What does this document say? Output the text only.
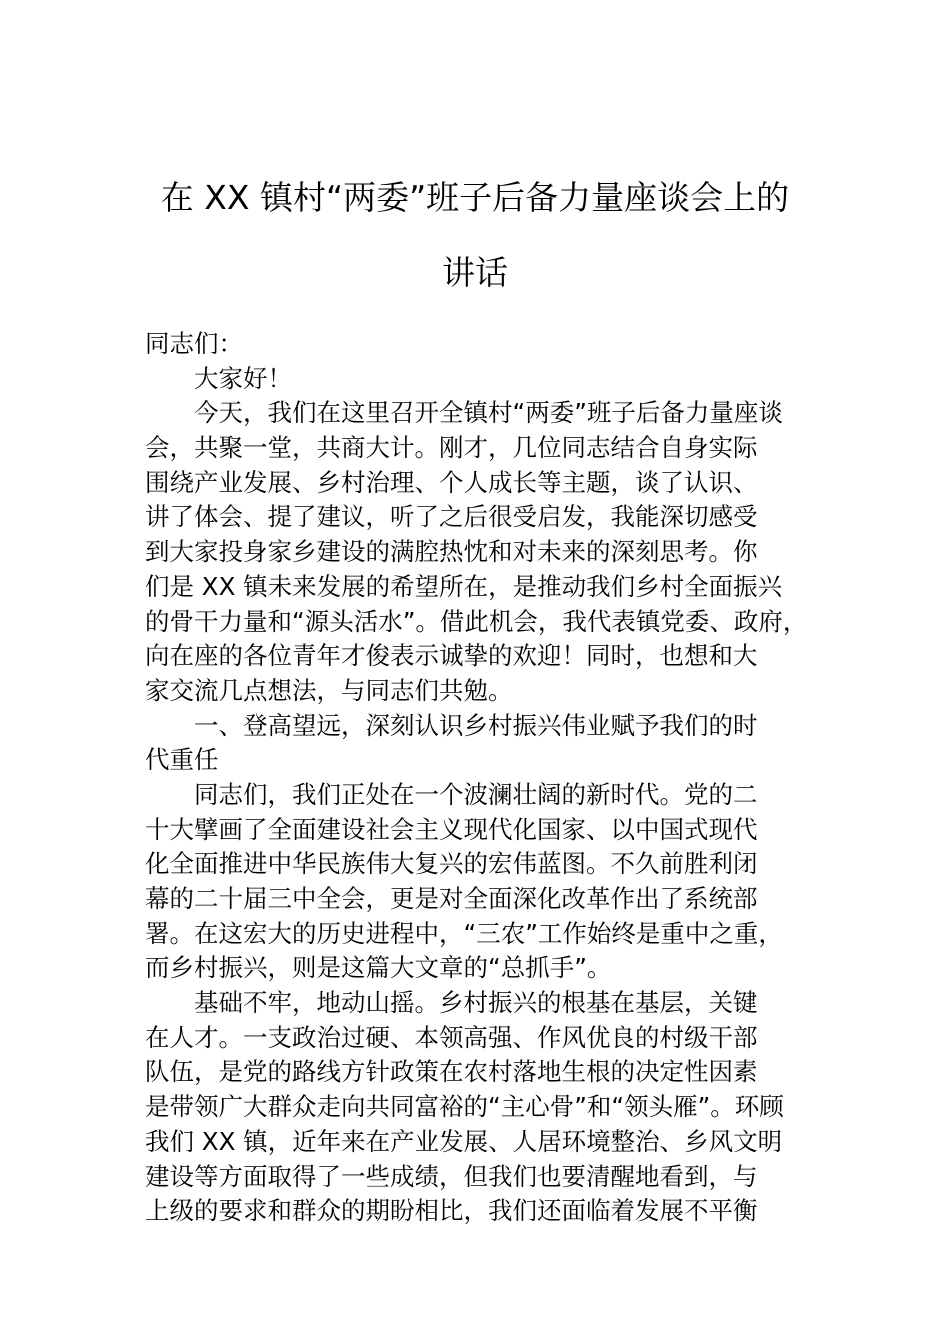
在 XX 镇村“两委”班子后备力量座谈会上的
讲话
同志们：
大家好！
今天，我们在这里召开全镇村“两委”班子后备力量座谈
会，共聚一堂，共商大计。刚才，几位同志结合自身实际
围绕产业发展、乡村治理、个人成长等主题，谈了认识、
讲了体会、提了建议，听了之后很受启发，我能深切感受
到大家投身家乡建设的满腔热忱和对未来的深刻思考。你
们是 XX 镇未来发展的希望所在，是推动我们乡村全面振兴
的骨干力量和“源头活水”。借此机会，我代表镇党委、政府，
向在座的各位青年才俊表示诚挚的欢迎！同时，也想和大
家交流几点想法，与同志们共勉。
一、登高望远，深刻认识乡村振兴伟业赋予我们的时
代重任
同志们，我们正处在一个波澜壮阔的新时代。党的二
十大擘画了全面建设社会主义现代化国家、以中国式现代
化全面推进中华民族伟大复兴的宏伟蓝图。不久前胜利闭
幕的二十届三中全会，更是对全面深化改革作出了系统部
署。在这宏大的历史进程中，“三农”工作始终是重中之重，
而乡村振兴，则是这篇大文章的“总抓手”。
基础不牢，地动山摇。乡村振兴的根基在基层，关键
在人才。一支政治过硬、本领高强、作风优良的村级干部
队伍，是党的路线方针政策在农村落地生根的决定性因素
是带领广大群众走向共同富裕的“主心骨”和“领头雁”。环顾
我们 XX 镇，近年来在产业发展、人居环境整治、乡风文明
建设等方面取得了一些成绩，但我们也要清醒地看到，与
上级的要求和群众的期盼相比，我们还面临着发展不平衡
